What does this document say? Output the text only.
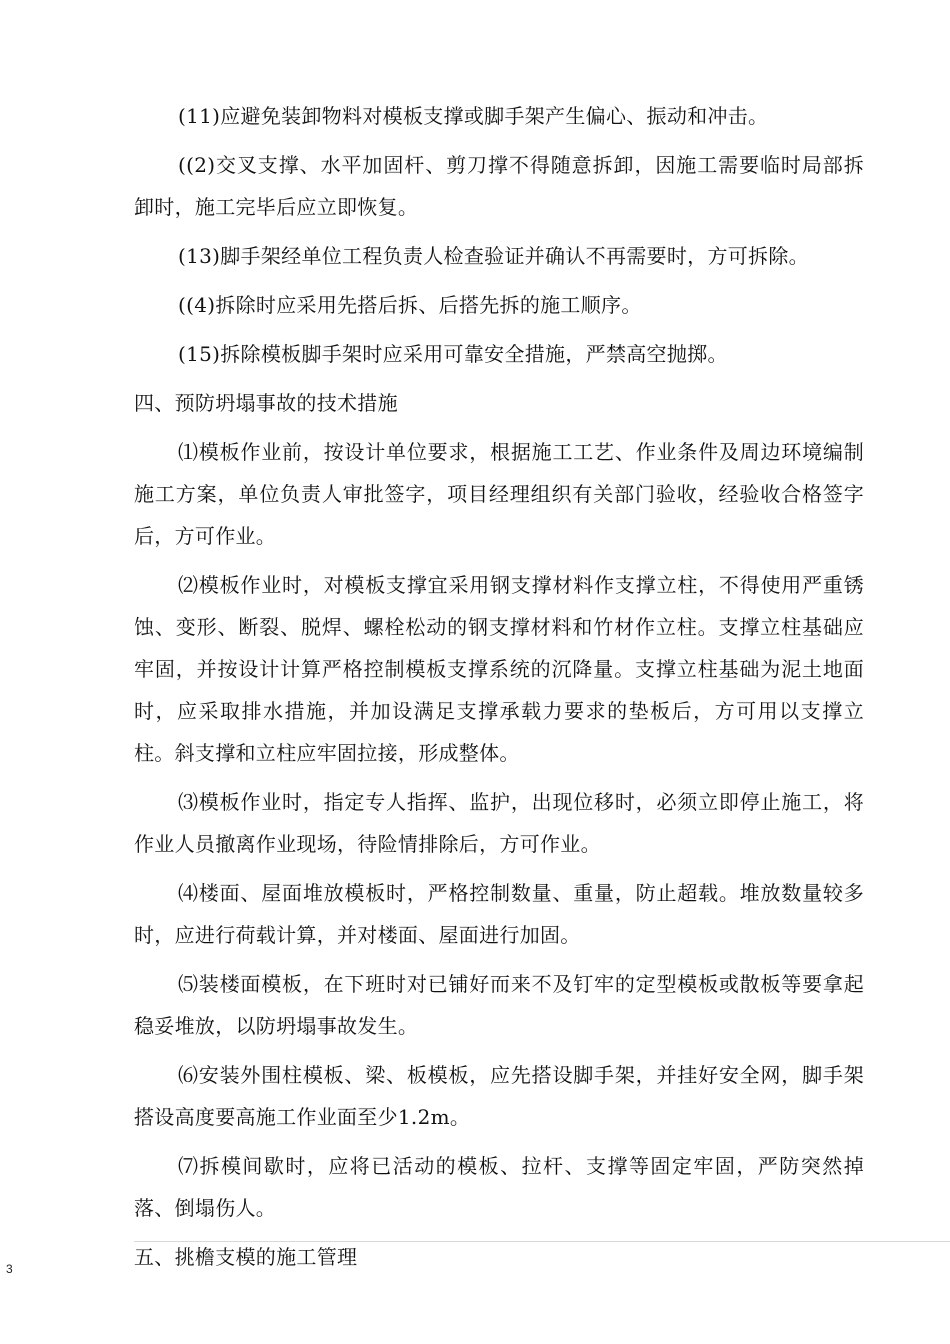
(11)应避免装卸物料对模板支撑或脚手架产生偏心、振动和冲击。

((2)交叉支撑、水平加固杆、剪刀撑不得随意拆卸，因施工需要临时局部拆卸时，施工完毕后应立即恢复。

(13)脚手架经单位工程负责人检查验证并确认不再需要时，方可拆除。

((4)拆除时应采用先搭后拆、后搭先拆的施工顺序。

(15)拆除模板脚手架时应采用可靠安全措施，严禁高空抛掷。

四、预防坍塌事故的技术措施

⑴模板作业前，按设计单位要求，根据施工工艺、作业条件及周边环境编制施工方案，单位负责人审批签字，项目经理组织有关部门验收，经验收合格签字后，方可作业。

⑵模板作业时，对模板支撑宜采用钢支撑材料作支撑立柱，不得使用严重锈蚀、变形、断裂、脱焊、螺栓松动的钢支撑材料和竹材作立柱。支撑立柱基础应牢固，并按设计计算严格控制模板支撑系统的沉降量。支撑立柱基础为泥土地面时，应采取排水措施，并加设满足支撑承载力要求的垫板后，方可用以支撑立柱。斜支撑和立柱应牢固拉接，形成整体。

⑶模板作业时，指定专人指挥、监护，出现位移时，必须立即停止施工，将作业人员撤离作业现场，待险情排除后，方可作业。

⑷楼面、屋面堆放模板时，严格控制数量、重量，防止超载。堆放数量较多时，应进行荷载计算，并对楼面、屋面进行加固。

⑸装楼面模板，在下班时对已铺好而来不及钉牢的定型模板或散板等要拿起稳妥堆放，以防坍塌事故发生。

⑹安装外围柱模板、梁、板模板，应先搭设脚手架，并挂好安全网，脚手架搭设高度要高施工作业面至少1.2m。

⑺拆模间歇时，应将已活动的模板、拉杆、支撑等固定牢固，严防突然掉落、倒塌伤人。

五、挑檐支模的施工管理

3
